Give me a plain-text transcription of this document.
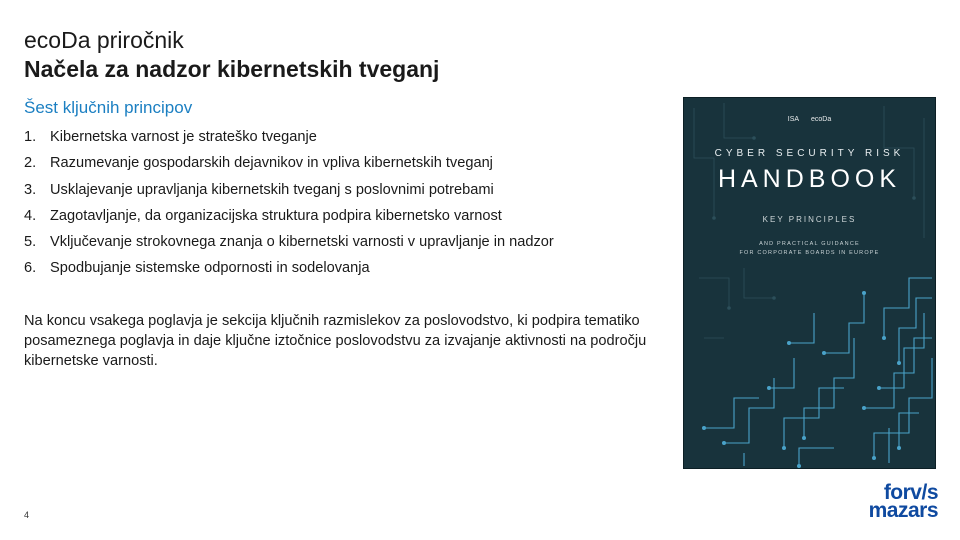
ecoDa priročnik
Načela za nadzor kibernetskih tveganj
Šest ključnih principov
1. Kibernetska varnost je strateško tveganje
2. Razumevanje gospodarskih dejavnikov in vpliva kibernetskih tveganj
3. Usklajevanje upravljanja kibernetskih tveganj s poslovnimi potrebami
4. Zagotavljanje, da organizacijska struktura podpira kibernetsko varnost
5. Vključevanje strokovnega znanja o kibernetski varnosti v upravljanje in nadzor
6. Spodbujanje sistemske odpornosti in sodelovanja

Na koncu vsakega poglavja je sekcija ključnih razmislekov za poslovodstvo, ki podpira tematiko posameznega poglavja in daje ključne iztočnice poslovodstvu za izvajanje aktivnosti na področju kibernetske varnosti.

ISA ecoDa
CYBER SECURITY RISK
HANDBOOK
KEY PRINCIPLES
AND PRACTICAL GUIDANCE
FOR CORPORATE BOARDS IN EUROPE
4
forv/s
mazars
